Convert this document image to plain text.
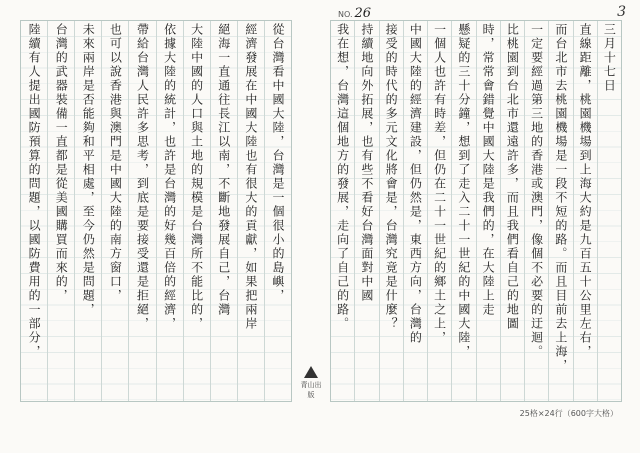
3
NO. 26
三月十七日
直線距離，桃園機場到上海大約是九百五十公里左右，
而台北市去桃園機場是一段不短的路。而且目前去上海，
一定要經過第三地的香港或澳門，像個不必要的迂迴。
比桃園到台北市還遠許多，而且我們看自己的地圖
時，常常會錯覺中國大陸是我們的，在大陸上走
懸疑的三十分鐘，想到了走入二十一世紀的中國大陸，
一個人也許有時差，但仍在二十一世紀的鄉土之上，
中國大陸的經濟建設，但仍然是，東西方向，台灣的
接受的時代的多元文化將會是，台灣究竟是什麼？
持續地向外拓展，也有些不看好台灣面對中國
我在想，台灣這個地方的發展，走向了自己的路。
青山出版
從台灣看中國大陸，台灣是一個很小的島嶼，
經濟發展在中國大陸也有很大的貢獻，如果把兩岸
絕海一直通往長江以南，不斷地發展自己，台灣
大陸中國的人口與土地的規模是台灣所不能比的，
依據大陸的統計，也許是台灣的好幾百倍的經濟，
帶給台灣人民許多思考，到底是要接受還是拒絕，
也可以說香港與澳門是中國大陸的南方窗口，
未來兩岸是否能夠和平相處，至今仍然是問題，
台灣的武器裝備一直都是從美國購買而來的，
陸續有人提出國防預算的問題，以國防費用的一部分，
25格×24行（600字大格）
